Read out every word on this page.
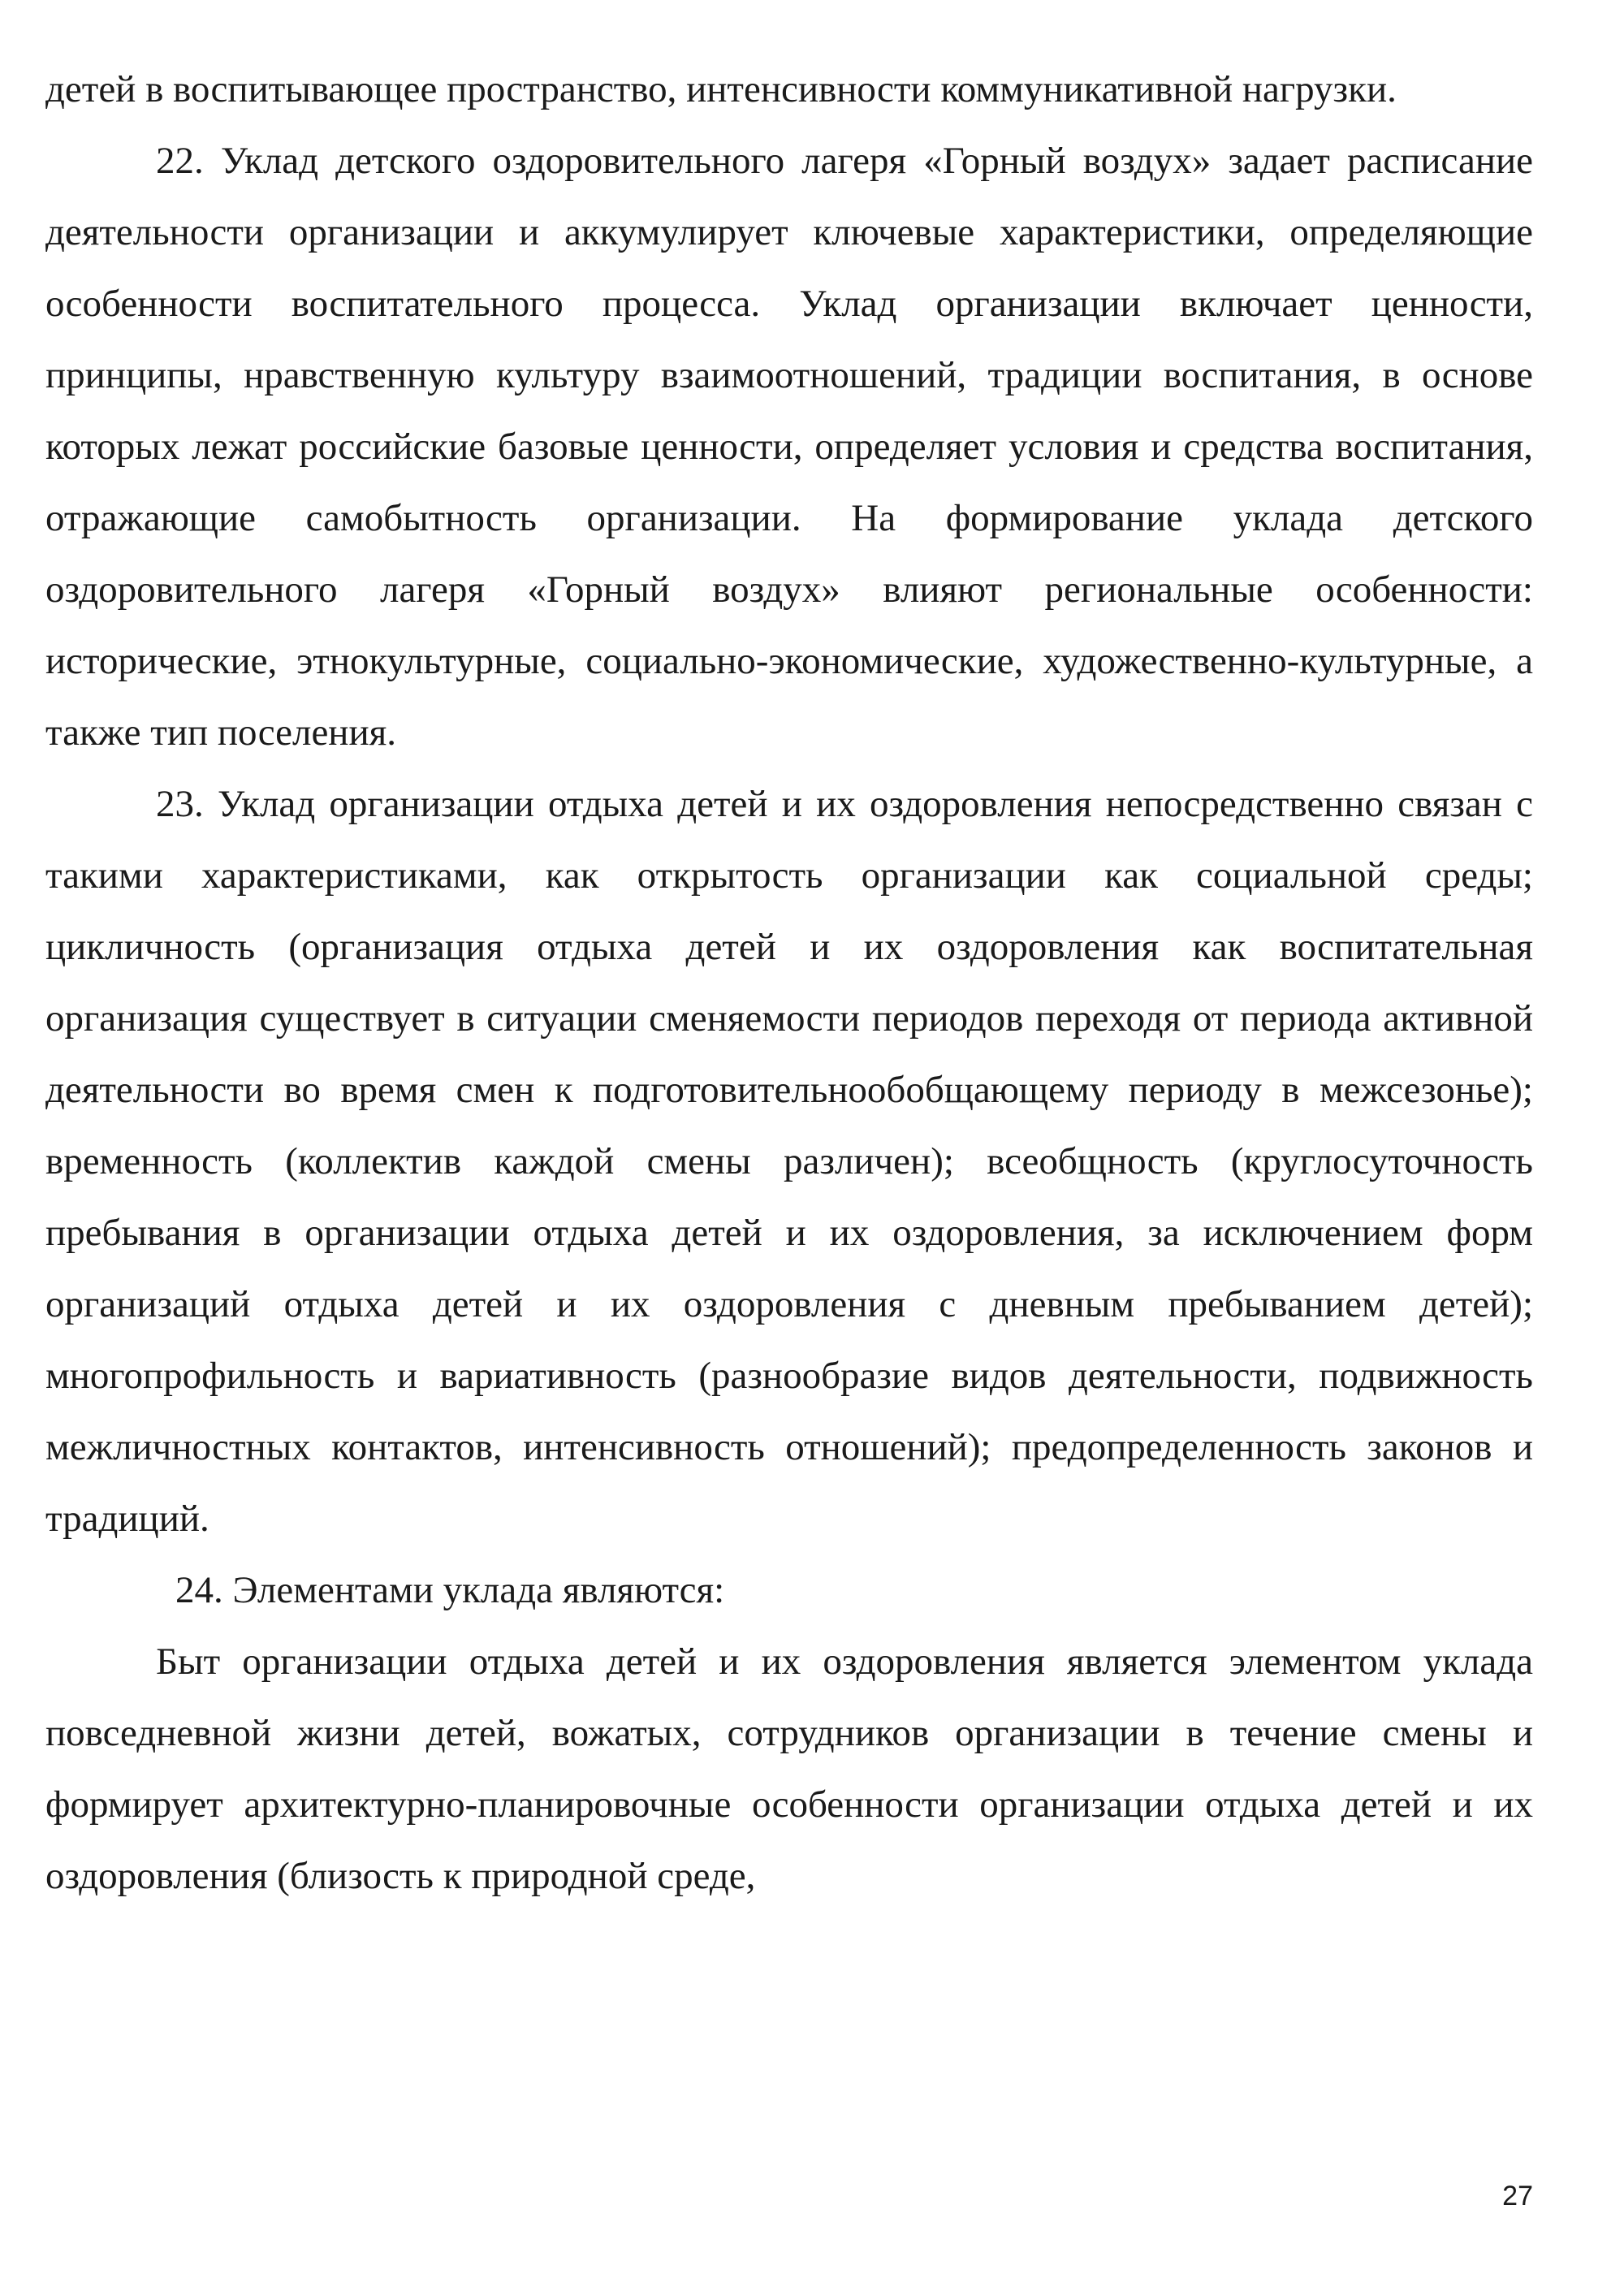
детей в воспитывающее пространство, интенсивности коммуникативной нагрузки.

22. Уклад детского оздоровительного лагеря «Горный воздух» задает расписание деятельности организации и аккумулирует ключевые характеристики, определяющие особенности воспитательного процесса. Уклад организации включает ценности, принципы, нравственную культуру взаимоотношений, традиции воспитания, в основе которых лежат российские базовые ценности, определяет условия и средства воспитания, отражающие самобытность организации. На формирование уклада детского оздоровительного лагеря «Горный воздух» влияют региональные особенности: исторические, этнокультурные, социально-экономические, художественно-культурные, а также тип поселения.

23. Уклад организации отдыха детей и их оздоровления непосредственно связан с такими характеристиками, как открытость организации как социальной среды; цикличность (организация отдыха детей и их оздоровления как воспитательная организация существует в ситуации сменяемости периодов переходя от периода активной деятельности во время смен к подготовительнообобщающему периоду в межсезонье); временность (коллектив каждой смены различен); всеобщность (круглосуточность пребывания в организации отдыха детей и их оздоровления, за исключением форм организаций отдыха детей и их оздоровления с дневным пребыванием детей); многопрофильность и вариативность (разнообразие видов деятельности, подвижность межличностных контактов, интенсивность отношений); предопределенность законов и традиций.

24. Элементами уклада являются:

Быт организации отдыха детей и их оздоровления является элементом уклада повседневной жизни детей, вожатых, сотрудников организации в течение смены и формирует архитектурно-планировочные особенности организации отдыха детей и их оздоровления (близость к природной среде,

27
